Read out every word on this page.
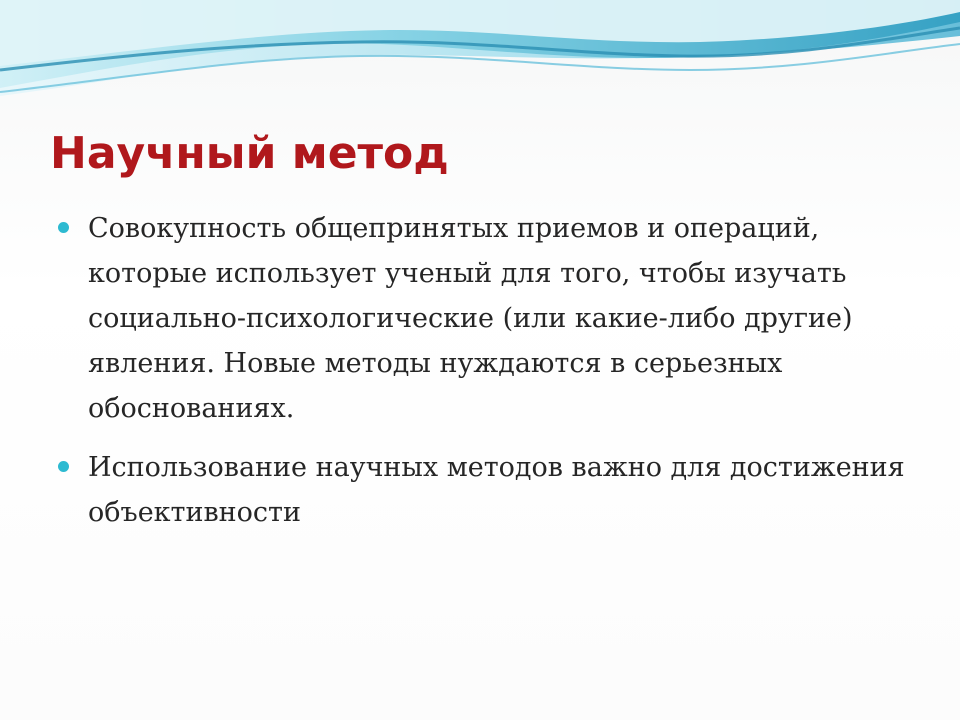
Научный метод
Совокупность общепринятых приемов и операций, которые использует ученый для того, чтобы изучать социально-психологические (или какие-либо другие) явления. Новые методы нуждаются в серьезных обоснованиях.
Использование научных методов важно для достижения объективности
